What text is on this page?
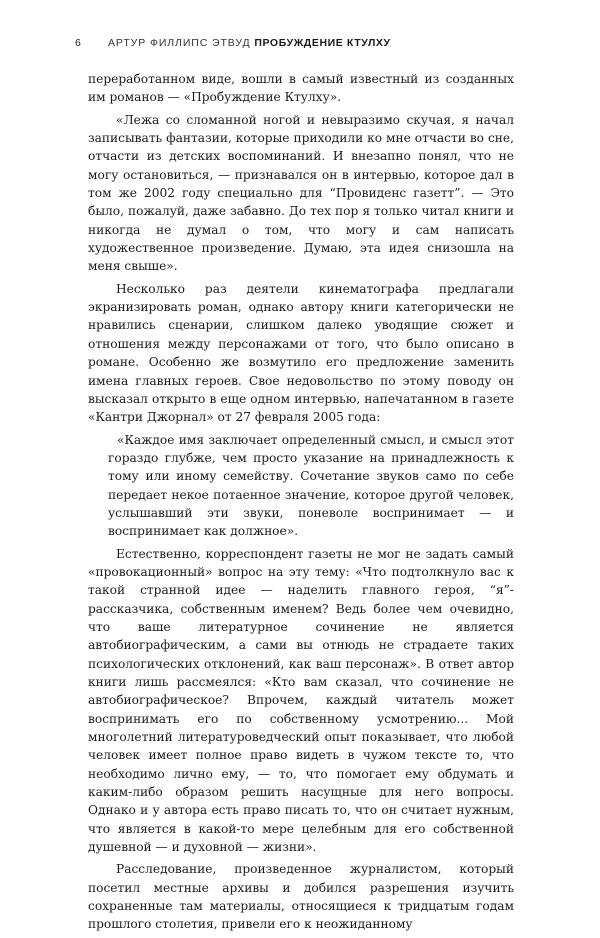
6	АРТУР ФИЛЛИПС ЭТВУД ПРОБУЖДЕНИЕ КТУЛХУ

переработанном виде, вошли в самый известный из созданных им романов — «Пробуждение Ктулху».

«Лежа со сломанной ногой и невыразимо скучая, я начал записывать фантазии, которые приходили ко мне отчасти во сне, отчасти из детских воспоминаний. И внезапно понял, что не могу остановиться, — признавался он в интервью, которое дал в том же 2002 году специально для “Провиденс газетт”. — Это было, пожалуй, даже забавно. До тех пор я только читал книги и никогда не думал о том, что могу и сам написать художественное произведение. Думаю, эта идея снизошла на меня свыше».

Несколько раз деятели кинематографа предлагали экранизировать роман, однако автору книги категорически не нравились сценарии, слишком далеко уводящие сюжет и отношения между персонажами от того, что было описано в романе. Особенно же возмутило его предложение заменить имена главных героев. Свое недовольство по этому поводу он высказал открыто в еще одном интервью, напечатанном в газете «Кантри Джорнал» от 27 февраля 2005 года:

«Каждое имя заключает определенный смысл, и смысл этот гораздо глубже, чем просто указание на принадлежность к тому или иному семейству. Сочетание звуков само по себе передает некое потаенное значение, которое другой человек, услышавший эти звуки, поневоле воспринимает — и воспринимает как должное».

Естественно, корреспондент газеты не мог не задать самый «провокационный» вопрос на эту тему: «Что подтолкнуло вас к такой странной идее — наделить главного героя, “я”-рассказчика, собственным именем? Ведь более чем очевидно, что ваше литературное сочинение не является автобиографическим, а сами вы отнюдь не страдаете таких психологических отклонений, как ваш персонаж». В ответ автор книги лишь рассмеялся: «Кто вам сказал, что сочинение не автобиографическое? Впрочем, каждый читатель может воспринимать его по собственному усмотрению... Мой многолетний литературоведческий опыт показывает, что любой человек имеет полное право видеть в чужом тексте то, что необходимо лично ему, — то, что помогает ему обдумать и каким-либо образом решить насущные для него вопросы. Однако и у автора есть право писать то, что он считает нужным, что является в какой-то мере целебным для его собственной душевной — и духовной — жизни».

Расследование, произведенное журналистом, который посетил местные архивы и добился разрешения изучить сохраненные там материалы, относящиеся к тридцатым годам прошлого столетия, привели его к неожиданному
